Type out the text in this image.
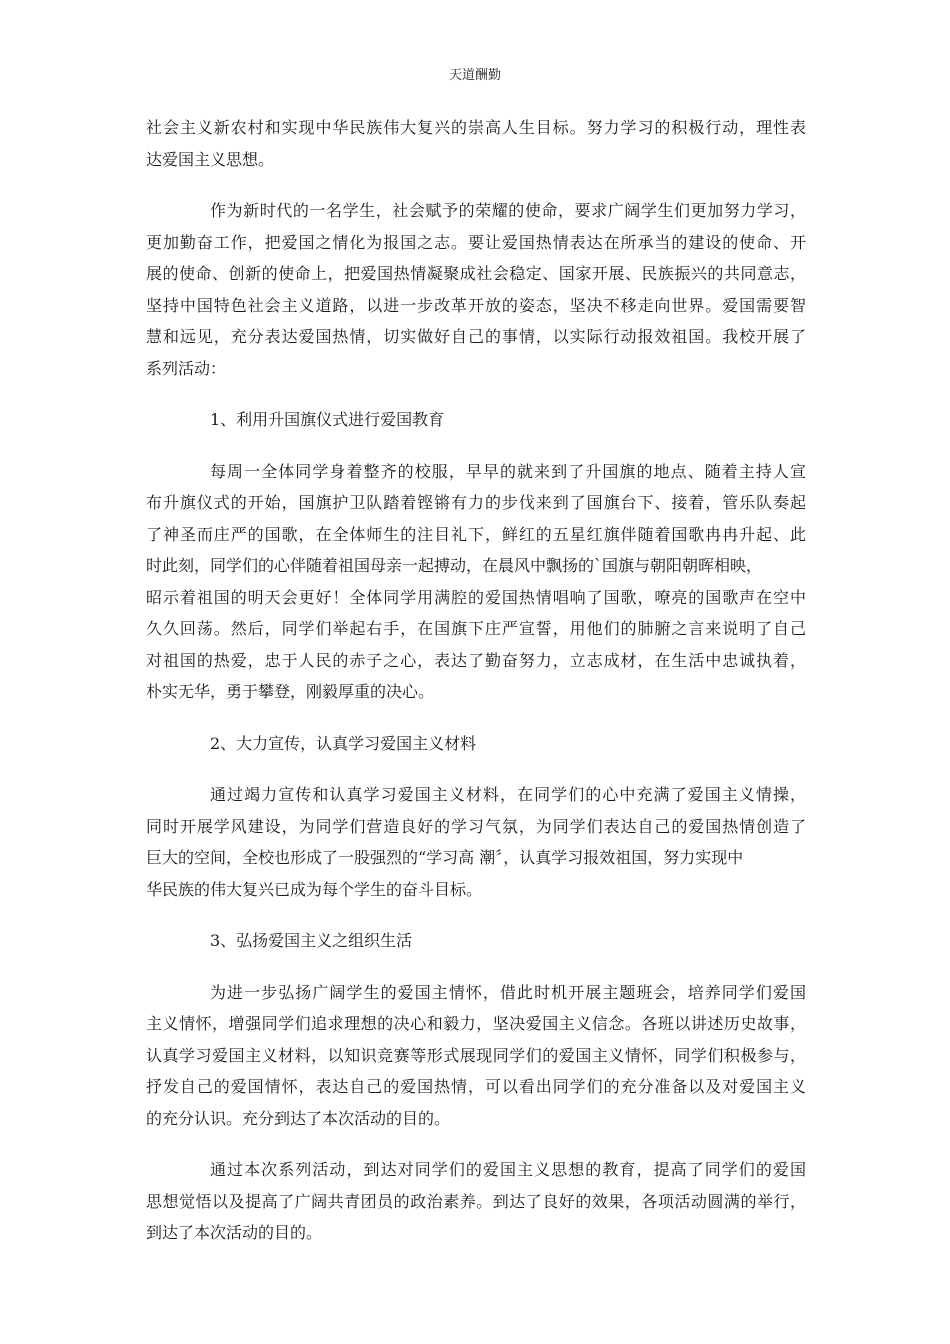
天道酬勤
社会主义新农村和实现中华民族伟大复兴的崇高人生目标。努力学习的积极行动，理性表
达爱国主义思想。
作为新时代的一名学生，社会赋予的荣耀的使命，要求广阔学生们更加努力学习，
更加勤奋工作，把爱国之情化为报国之志。要让爱国热情表达在所承当的建设的使命、开
展的使命、创新的使命上，把爱国热情凝聚成社会稳定、国家开展、民族振兴的共同意志，
坚持中国特色社会主义道路，以进一步改革开放的姿态，坚决不移走向世界。爱国需要智
慧和远见，充分表达爱国热情，切实做好自己的事情，以实际行动报效祖国。我校开展了
系列活动：
1、利用升国旗仪式进行爱国教育
每周一全体同学身着整齐的校服，早早的就来到了升国旗的地点、随着主持人宣
布升旗仪式的开始，国旗护卫队踏着铿锵有力的步伐来到了国旗台下、接着，管乐队奏起
了神圣而庄严的国歌，在全体师生的注目礼下，鲜红的五星红旗伴随着国歌冉冉升起、此
时此刻，同学们的心伴随着祖国母亲一起搏动，在晨风中飘扬的`国旗与朝阳朝晖相映，
昭示着祖国的明天会更好！全体同学用满腔的爱国热情唱响了国歌，嘹亮的国歌声在空中
久久回荡。然后，同学们举起右手，在国旗下庄严宣誓，用他们的肺腑之言来说明了自己
对祖国的热爱，忠于人民的赤子之心，表达了勤奋努力，立志成材，在生活中忠诚执着，
朴实无华，勇于攀登，刚毅厚重的决心。
2、大力宣传，认真学习爱国主义材料
通过竭力宣传和认真学习爱国主义材料，在同学们的心中充满了爱国主义情操，
同时开展学风建设，为同学们营造良好的学习气氛，为同学们表达自己的爱国热情创造了
巨大的空间，全校也形成了一股强烈的“学习高 潮〞，认真学习报效祖国，努力实现中
华民族的伟大复兴已成为每个学生的奋斗目标。
3、弘扬爱国主义之组织生活
为进一步弘扬广阔学生的爱国主情怀，借此时机开展主题班会，培养同学们爱国
主义情怀，增强同学们追求理想的决心和毅力，坚决爱国主义信念。各班以讲述历史故事，
认真学习爱国主义材料，以知识竞赛等形式展现同学们的爱国主义情怀，同学们积极参与，
抒发自己的爱国情怀，表达自己的爱国热情，可以看出同学们的充分准备以及对爱国主义
的充分认识。充分到达了本次活动的目的。
通过本次系列活动，到达对同学们的爱国主义思想的教育，提高了同学们的爱国
思想觉悟以及提高了广阔共青团员的政治素养。到达了良好的效果，各项活动圆满的举行，
到达了本次活动的目的。
